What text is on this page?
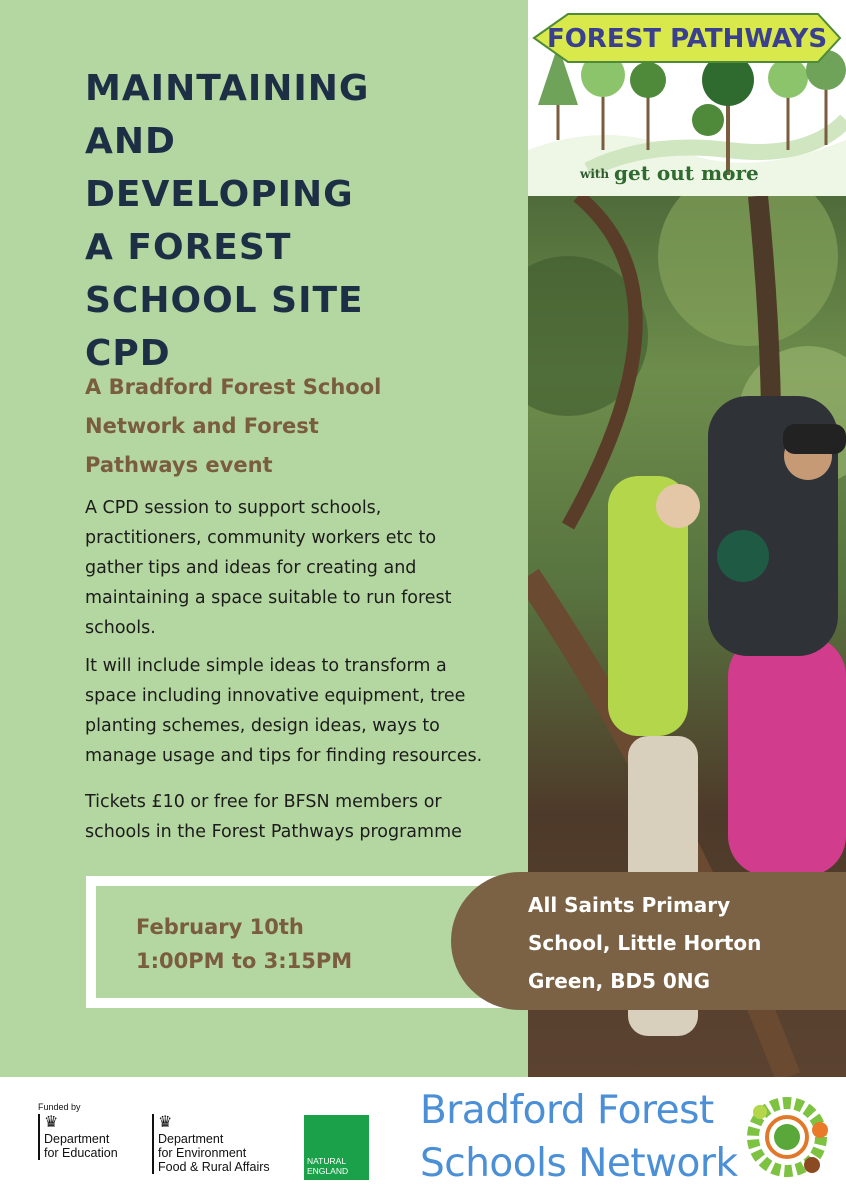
FOREST PATHWAYS
with get out more
MAINTAINING
AND
DEVELOPING
A FOREST
SCHOOL SITE
CPD
A Bradford Forest School
Network and Forest
Pathways event
A CPD session to support schools,
practitioners, community workers etc to
gather tips and ideas for creating and
maintaining a space suitable to run forest
schools.
It will include simple ideas to transform a
space including innovative equipment, tree
planting schemes, design ideas, ways to
manage usage and tips for finding resources.
Tickets £10 or free for BFSN members or
schools in the Forest Pathways programme
February 10th
1:00PM to 3:15PM
All Saints Primary
School, Little Horton
Green, BD5 0NG
Funded by
♛
Department
for Education
♛
Department
for Environment
Food & Rural Affairs	NATURAL
ENGLAND
Bradford Forest
Schools Network
